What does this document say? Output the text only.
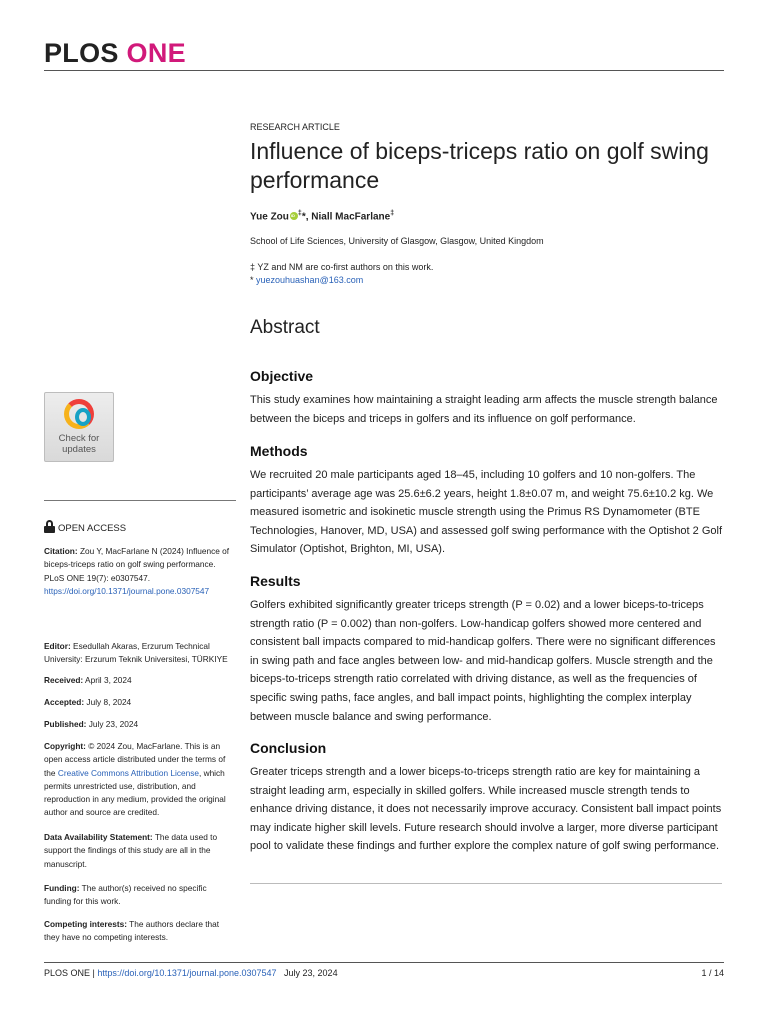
PLOS ONE
RESEARCH ARTICLE
Influence of biceps-triceps ratio on golf swing performance
Yue ZouiD ‡*, Niall MacFarlane‡
School of Life Sciences, University of Glasgow, Glasgow, United Kingdom
‡ YZ and NM are co-first authors on this work.
* yuezouhuashan@163.com
Abstract
Objective

This study examines how maintaining a straight leading arm affects the muscle strength balance between the biceps and triceps in golfers and its influence on golf performance.

Methods

We recruited 20 male participants aged 18–45, including 10 golfers and 10 non-golfers. The participants’ average age was 25.6±6.2 years, height 1.8±0.07 m, and weight 75.6±10.2 kg. We measured isometric and isokinetic muscle strength using the Primus RS Dynamometer (BTE Technologies, Hanover, MD, USA) and assessed golf swing performance with the Optishot 2 Golf Simulator (Optishot, Brighton, MI, USA).

Results

Golfers exhibited significantly greater triceps strength (P = 0.02) and a lower biceps-to-triceps strength ratio (P = 0.002) than non-golfers. Low-handicap golfers showed more centered and consistent ball impacts compared to mid-handicap golfers. There were no significant differences in swing path and face angles between low- and mid-handicap golfers. Muscle strength and the biceps-to-triceps strength ratio correlated with driving distance, as well as the frequencies of specific swing paths, face angles, and ball impact points, highlighting the complex interplay between muscle balance and swing performance.

Conclusion

Greater triceps strength and a lower biceps-to-triceps strength ratio are key for maintaining a straight leading arm, especially in skilled golfers. While increased muscle strength tends to enhance driving distance, it does not necessarily improve accuracy. Consistent ball impact points may indicate higher skill levels. Future research should involve a larger, more diverse participant pool to validate these findings and further explore the complex nature of golf swing performance.

Check for
updates
OPEN ACCESS
Citation: Zou Y, MacFarlane N (2024) Influence of biceps-triceps ratio on golf swing performance. PLoS ONE 19(7): e0307547. https://doi.org/10.1371/journal.pone.0307547
Editor: Esedullah Akaras, Erzurum Technical University: Erzurum Teknik Universitesi, TÜRKIYE
Received: April 3, 2024
Accepted: July 8, 2024
Published: July 23, 2024
Copyright: © 2024 Zou, MacFarlane. This is an open access article distributed under the terms of the Creative Commons Attribution License, which permits unrestricted use, distribution, and reproduction in any medium, provided the original author and source are credited.
Data Availability Statement: The data used to support the findings of this study are all in the manuscript.
Funding: The author(s) received no specific funding for this work.
Competing interests: The authors declare that they have no competing interests.
PLOS ONE | https://doi.org/10.1371/journal.pone.0307547 July 23, 2024	1 / 14
